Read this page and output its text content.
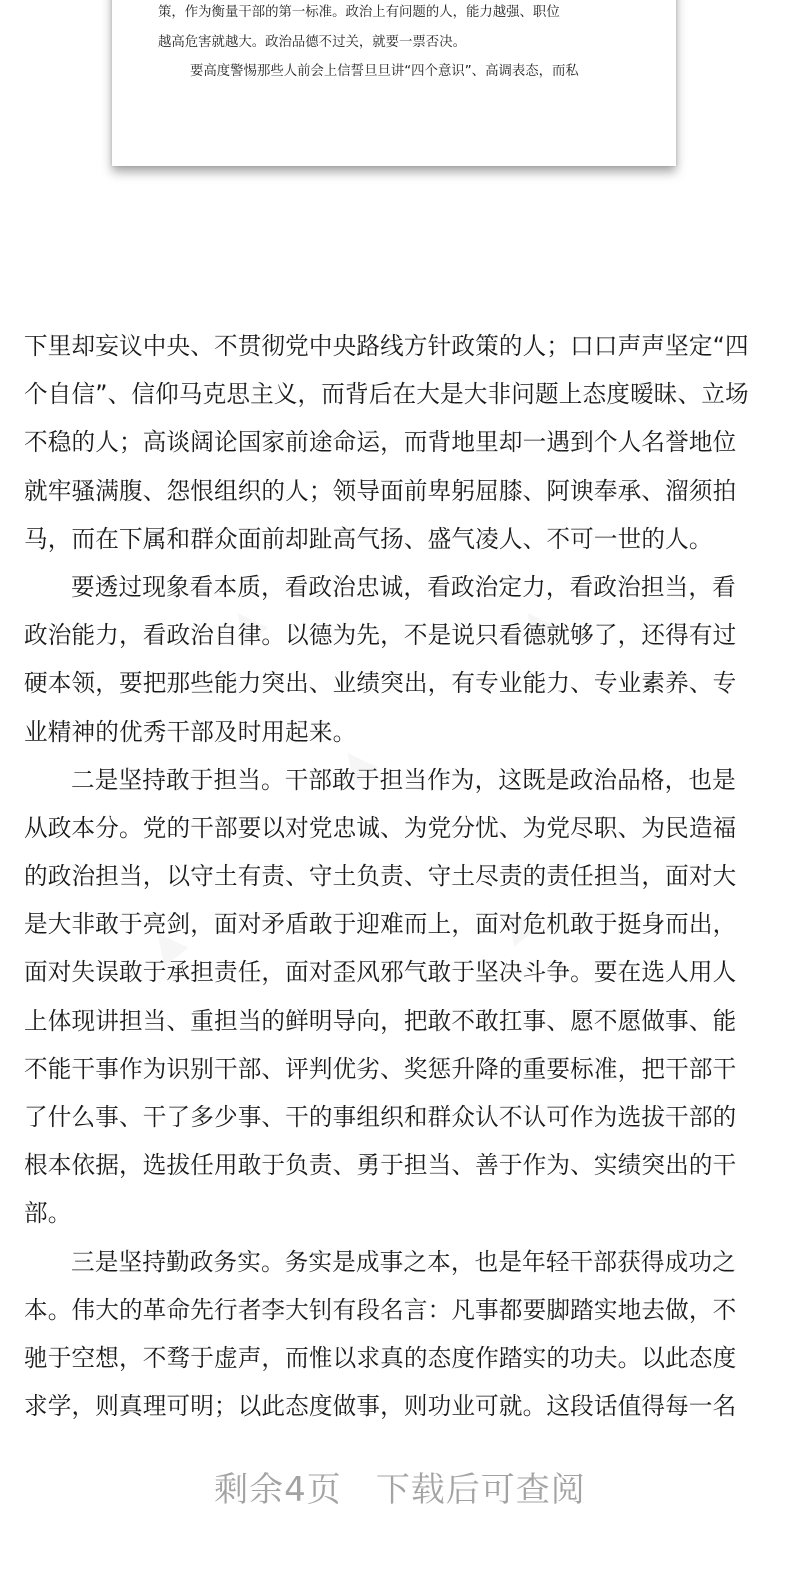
策，作为衡量干部的第一标准。政治上有问题的人，能力越强、职位
越高危害就越大。政治品德不过关，就要一票否决。
要高度警惕那些人前会上信誓旦旦讲“四个意识”、高调表态，而私
下里却妄议中央、不贯彻党中央路线方针政策的人；口口声声坚定“四
个自信”、信仰马克思主义，而背后在大是大非问题上态度暧昧、立场
不稳的人；高谈阔论国家前途命运，而背地里却一遇到个人名誉地位
就牢骚满腹、怨恨组织的人；领导面前卑躬屈膝、阿谀奉承、溜须拍
马，而在下属和群众面前却趾高气扬、盛气凌人、不可一世的人。
要透过现象看本质，看政治忠诚，看政治定力，看政治担当，看
政治能力，看政治自律。以德为先，不是说只看德就够了，还得有过
硬本领，要把那些能力突出、业绩突出，有专业能力、专业素养、专
业精神的优秀干部及时用起来。
二是坚持敢于担当。干部敢于担当作为，这既是政治品格，也是
从政本分。党的干部要以对党忠诚、为党分忧、为党尽职、为民造福
的政治担当，以守土有责、守土负责、守土尽责的责任担当，面对大
是大非敢于亮剑，面对矛盾敢于迎难而上，面对危机敢于挺身而出，
面对失误敢于承担责任，面对歪风邪气敢于坚决斗争。要在选人用人
上体现讲担当、重担当的鲜明导向，把敢不敢扛事、愿不愿做事、能
不能干事作为识别干部、评判优劣、奖惩升降的重要标准，把干部干
了什么事、干了多少事、干的事组织和群众认不认可作为选拔干部的
根本依据，选拔任用敢于负责、勇于担当、善于作为、实绩突出的干
部。
三是坚持勤政务实。务实是成事之本，也是年轻干部获得成功之
本。伟大的革命先行者李大钊有段名言：凡事都要脚踏实地去做，不
驰于空想，不骛于虚声，而惟以求真的态度作踏实的功夫。以此态度
求学，则真理可明；以此态度做事，则功业可就。这段话值得每一名
剩余4页 下载后可查阅
